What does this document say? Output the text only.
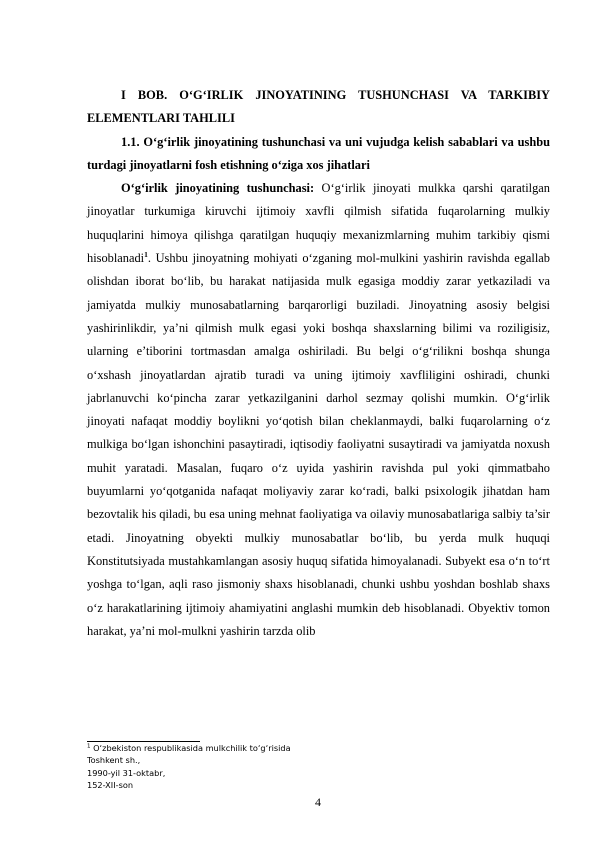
I BOB. O‘G‘IRLIK JINOYATINING TUSHUNCHASI VA TARKIBIY ELEMENTLARI TAHLILI

1.1. O‘g‘irlik jinoyatining tushunchasi va uni vujudga kelish sabablari va ushbu turdagi jinoyatlarni fosh etishning o‘ziga xos jihatlari

O‘g‘irlik jinoyatining tushunchasi: O‘g‘irlik jinoyati mulkka qarshi qaratilgan jinoyatlar turkumiga kiruvchi ijtimoiy xavfli qilmish sifatida fuqarolarning mulkiy huquqlarini himoya qilishga qaratilgan huquqiy mexanizmlarning muhim tarkibiy qismi hisoblanadi$^1$. Ushbu jinoyatning mohiyati o‘zganing mol-mulkini yashirin ravishda egallab olishdan iborat bo‘lib, bu harakat natijasida mulk egasiga moddiy zarar yetkaziladi va jamiyatda mulkiy munosabatlarning barqarorligi buziladi. Jinoyatning asosiy belgisi yashirinlikdir, ya’ni qilmish mulk egasi yoki boshqa shaxslarning bilimi va roziligisiz, ularning e’tiborini tortmasdan amalga oshiriladi. Bu belgi o‘g‘rilikni boshqa shunga o‘xshash jinoyatlardan ajratib turadi va uning ijtimoiy xavfliligini oshiradi, chunki jabrlanuvchi ko‘pincha zarar yetkazilganini darhol sezmay qolishi mumkin. O‘g‘irlik jinoyati nafaqat moddiy boylikni yo‘qotish bilan cheklanmaydi, balki fuqarolarning o‘z mulkiga bo‘lgan ishonchini pasaytiradi, iqtisodiy faoliyatni susaytiradi va jamiyatda noxush muhit yaratadi. Masalan, fuqaro o‘z uyida yashirin ravishda pul yoki qimmatbaho buyumlarni yo‘qotganida nafaqat moliyaviy zarar ko‘radi, balki psixologik jihatdan ham bezovtalik his qiladi, bu esa uning mehnat faoliyatiga va oilaviy munosabatlariga salbiy ta’sir etadi. Jinoyatning obyekti mulkiy munosabatlar bo‘lib, bu yerda mulk huquqi Konstitutsiyada mustahkamlangan asosiy huquq sifatida himoyalanadi. Subyekt esa o‘n to‘rt yoshga to‘lgan, aqli raso jismoniy shaxs hisoblanadi, chunki ushbu yoshdan boshlab shaxs o‘z harakatlarining ijtimoiy ahamiyatini anglashi mumkin deb hisoblanadi. Obyektiv tomon harakat, ya’ni mol-mulkni yashirin tarzda olib

$^1$ O‘zbekiston respublikasida mulkchilik to‘g‘risida

Toshkent sh.,

1990-yil 31-oktabr,

152-XII-son

4
